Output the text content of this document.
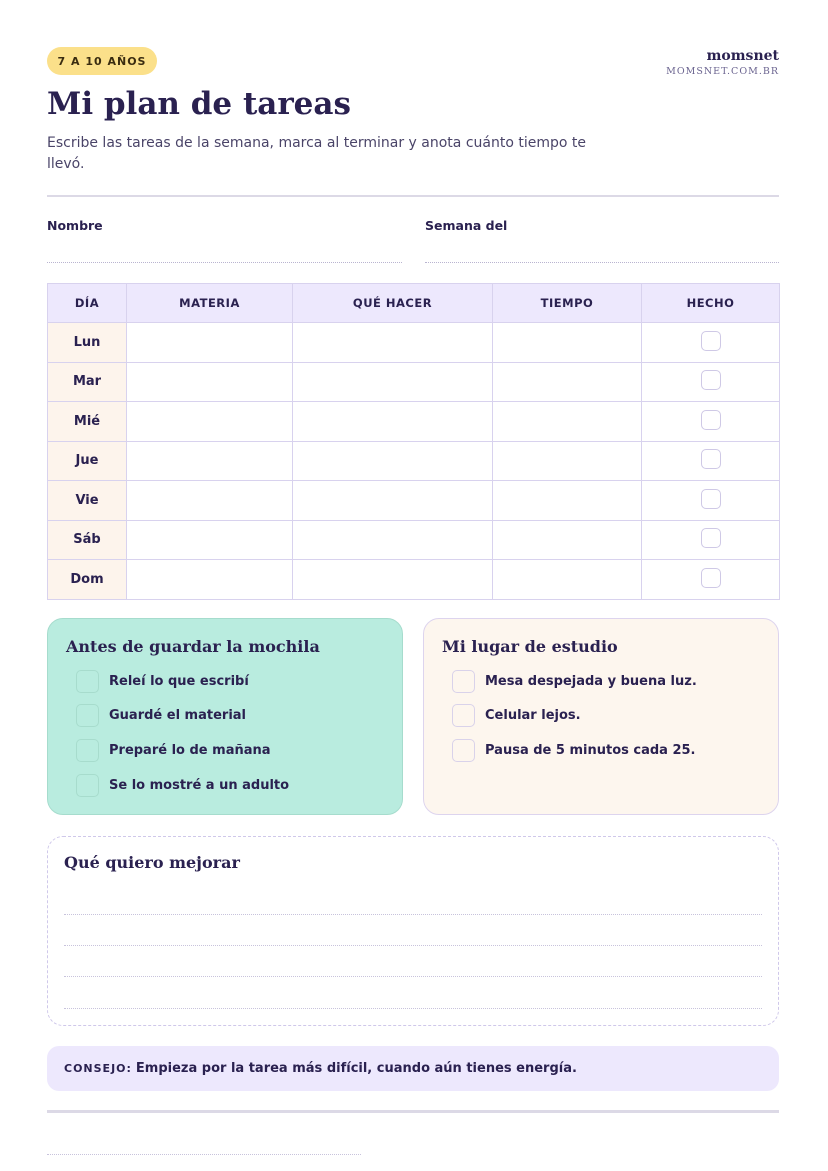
7 A 10 AÑOS	momsnet
MOMSNET.COM.BR
Mi plan de tareas

Escribe las tareas de la semana, marca al terminar y anota cuánto tiempo te llevó.

Nombre	Semana del
DÍA	MATERIA	QUÉ HACER	TIEMPO	HECHO
Lun				
Mar				
Mié				
Jue				
Vie				
Sáb				
Dom				
Antes de guardar la mochila
Releí lo que escribí
Guardé el material
Preparé lo de mañana
Se lo mostré a un adulto
Mi lugar de estudio
Mesa despejada y buena luz.
Celular lejos.
Pausa de 5 minutos cada 25.
Qué quiero mejorar
CONSEJO: Empieza por la tarea más difícil, cuando aún tienes energía.
